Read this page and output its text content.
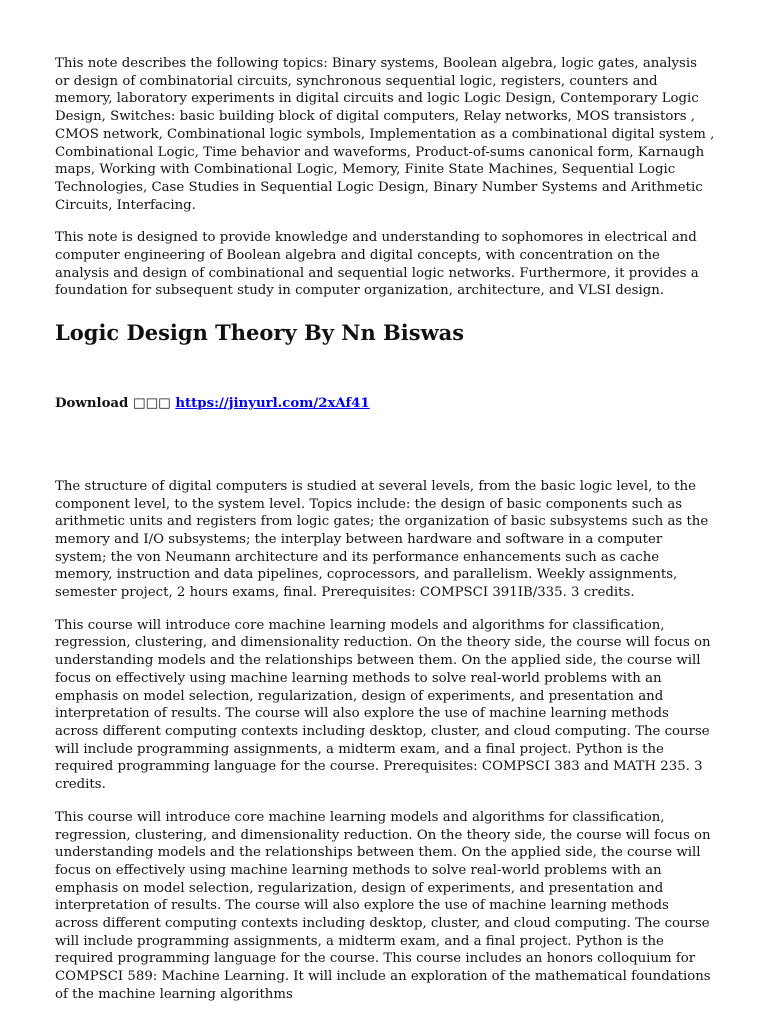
This note describes the following topics: Binary systems, Boolean algebra, logic gates, analysis or design of combinatorial circuits, synchronous sequential logic, registers, counters and memory, laboratory experiments in digital circuits and logic Logic Design, Contemporary Logic Design, Switches: basic building block of digital computers, Relay networks, MOS transistors , CMOS network, Combinational logic symbols, Implementation as a combinational digital system , Combinational Logic, Time behavior and waveforms, Product-of-sums canonical form, Karnaugh maps, Working with Combinational Logic, Memory, Finite State Machines, Sequential Logic Technologies, Case Studies in Sequential Logic Design, Binary Number Systems and Arithmetic Circuits, Interfacing.

This note is designed to provide knowledge and understanding to sophomores in electrical and computer engineering of Boolean algebra and digital concepts, with concentration on the analysis and design of combinational and sequential logic networks. Furthermore, it provides a foundation for subsequent study in computer organization, architecture, and VLSI design.

Logic Design Theory By Nn Biswas
Download □□□ https://jinyurl.com/2xAf41

The structure of digital computers is studied at several levels, from the basic logic level, to the component level, to the system level. Topics include: the design of basic components such as arithmetic units and registers from logic gates; the organization of basic subsystems such as the memory and I/O subsystems; the interplay between hardware and software in a computer system; the von Neumann architecture and its performance enhancements such as cache memory, instruction and data pipelines, coprocessors, and parallelism. Weekly assignments, semester project, 2 hours exams, final. Prerequisites: COMPSCI 391IB/335. 3 credits.

This course will introduce core machine learning models and algorithms for classification, regression, clustering, and dimensionality reduction. On the theory side, the course will focus on understanding models and the relationships between them. On the applied side, the course will focus on effectively using machine learning methods to solve real-world problems with an emphasis on model selection, regularization, design of experiments, and presentation and interpretation of results. The course will also explore the use of machine learning methods across different computing contexts including desktop, cluster, and cloud computing. The course will include programming assignments, a midterm exam, and a final project. Python is the required programming language for the course. Prerequisites: COMPSCI 383 and MATH 235. 3 credits.

This course will introduce core machine learning models and algorithms for classification, regression, clustering, and dimensionality reduction. On the theory side, the course will focus on understanding models and the relationships between them. On the applied side, the course will focus on effectively using machine learning methods to solve real-world problems with an emphasis on model selection, regularization, design of experiments, and presentation and interpretation of results. The course will also explore the use of machine learning methods across different computing contexts including desktop, cluster, and cloud computing. The course will include programming assignments, a midterm exam, and a final project. Python is the required programming language for the course. This course includes an honors colloquium for COMPSCI 589: Machine Learning. It will include an exploration of the mathematical foundations of the machine learning algorithms
